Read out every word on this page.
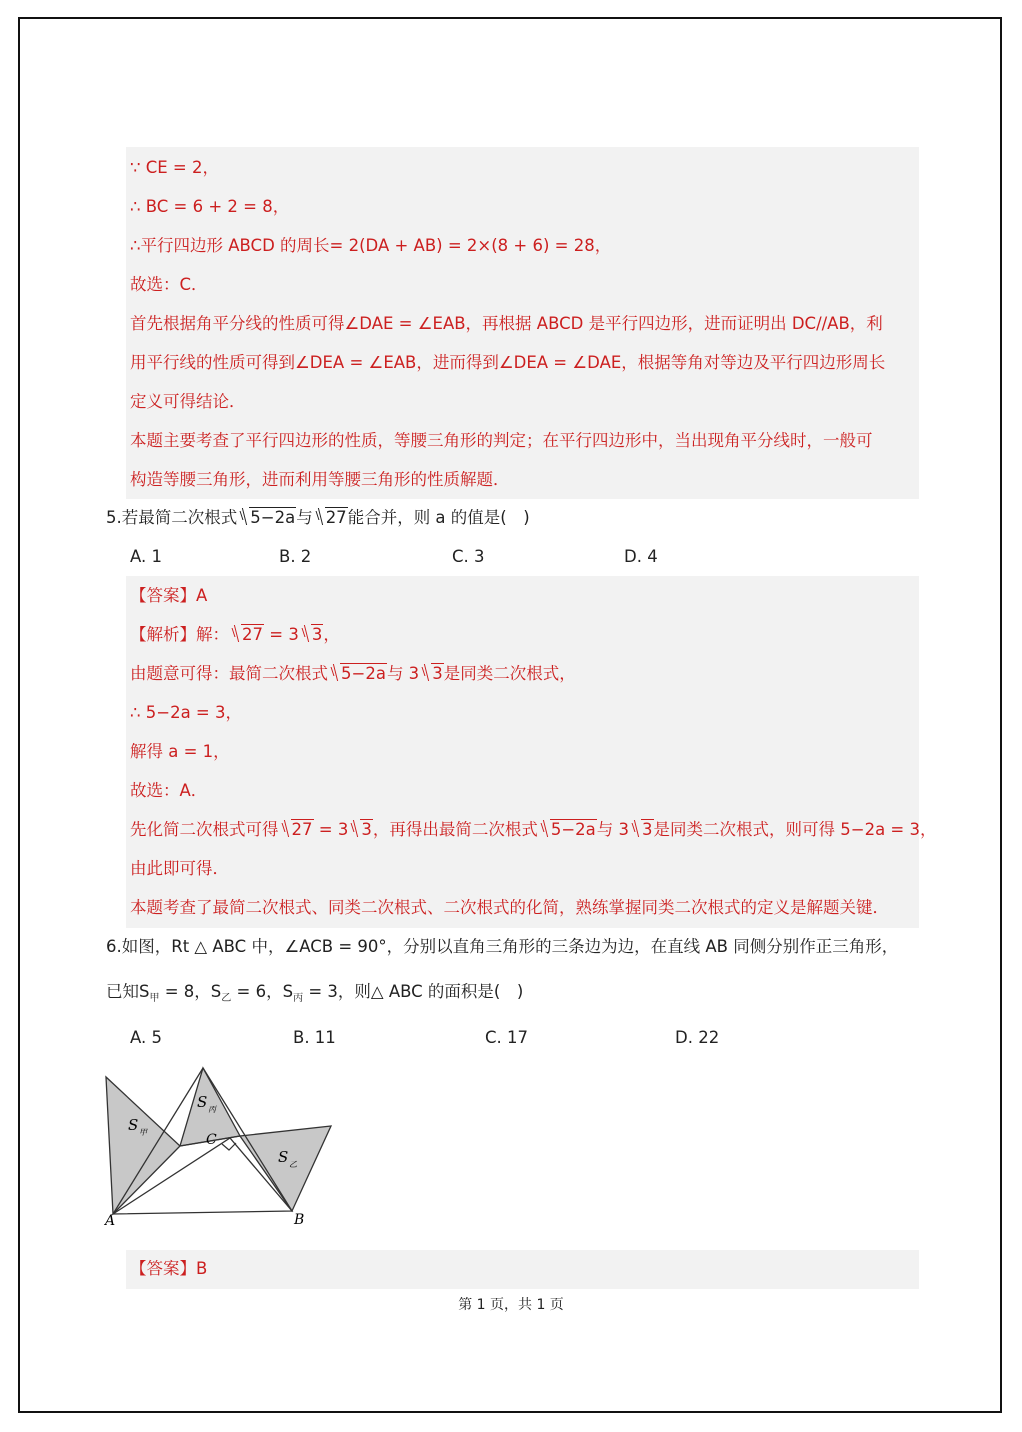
∵ CE = 2，
∴ BC = 6 + 2 = 8，
∴平行四边形 ABCD 的周长= 2(DA + AB) = 2×(8 + 6) = 28，
故选：C．
首先根据角平分线的性质可得∠DAE = ∠EAB，再根据 ABCD 是平行四边形，进而证明出 DC//AB，利
用平行线的性质可得到∠DEA = ∠EAB，进而得到∠DEA = ∠DAE，根据等角对等边及平行四边形周长
定义可得结论．
本题主要考查了平行四边形的性质，等腰三角形的判定；在平行四边形中，当出现角平分线时，一般可
构造等腰三角形，进而利用等腰三角形的性质解题．
5.若最简二次根式 5−2a与 27能合并，则 a 的值是(　)
A. 1	B. 2	C. 3	D. 4
【答案】A
【解析】解： 27 = 3 3，
由题意可得：最简二次根式 5−2a与 3 3是同类二次根式，
∴ 5−2a = 3，
解得 a = 1，
故选：A．
先化简二次根式可得 27 = 3 3，再得出最简二次根式 5−2a与 3 3是同类二次根式，则可得 5−2a = 3，
由此即可得．
本题考查了最简二次根式、同类二次根式、二次根式的化简，熟练掌握同类二次根式的定义是解题关键．
6.如图，Rt △ ABC 中，∠ACB = 90°，分别以直角三角形的三条边为边，在直线 AB 同侧分别作正三角形，
已知$S_甲 = 8$，$S_乙 = 6$，$S_丙 = 3$，则△ ABC 的面积是(　)
A. 5	B. 11	C. 17	D. 22
A	B
C
S 甲
S 丙
S 乙
【答案】B
第 1 页，共 1 页
